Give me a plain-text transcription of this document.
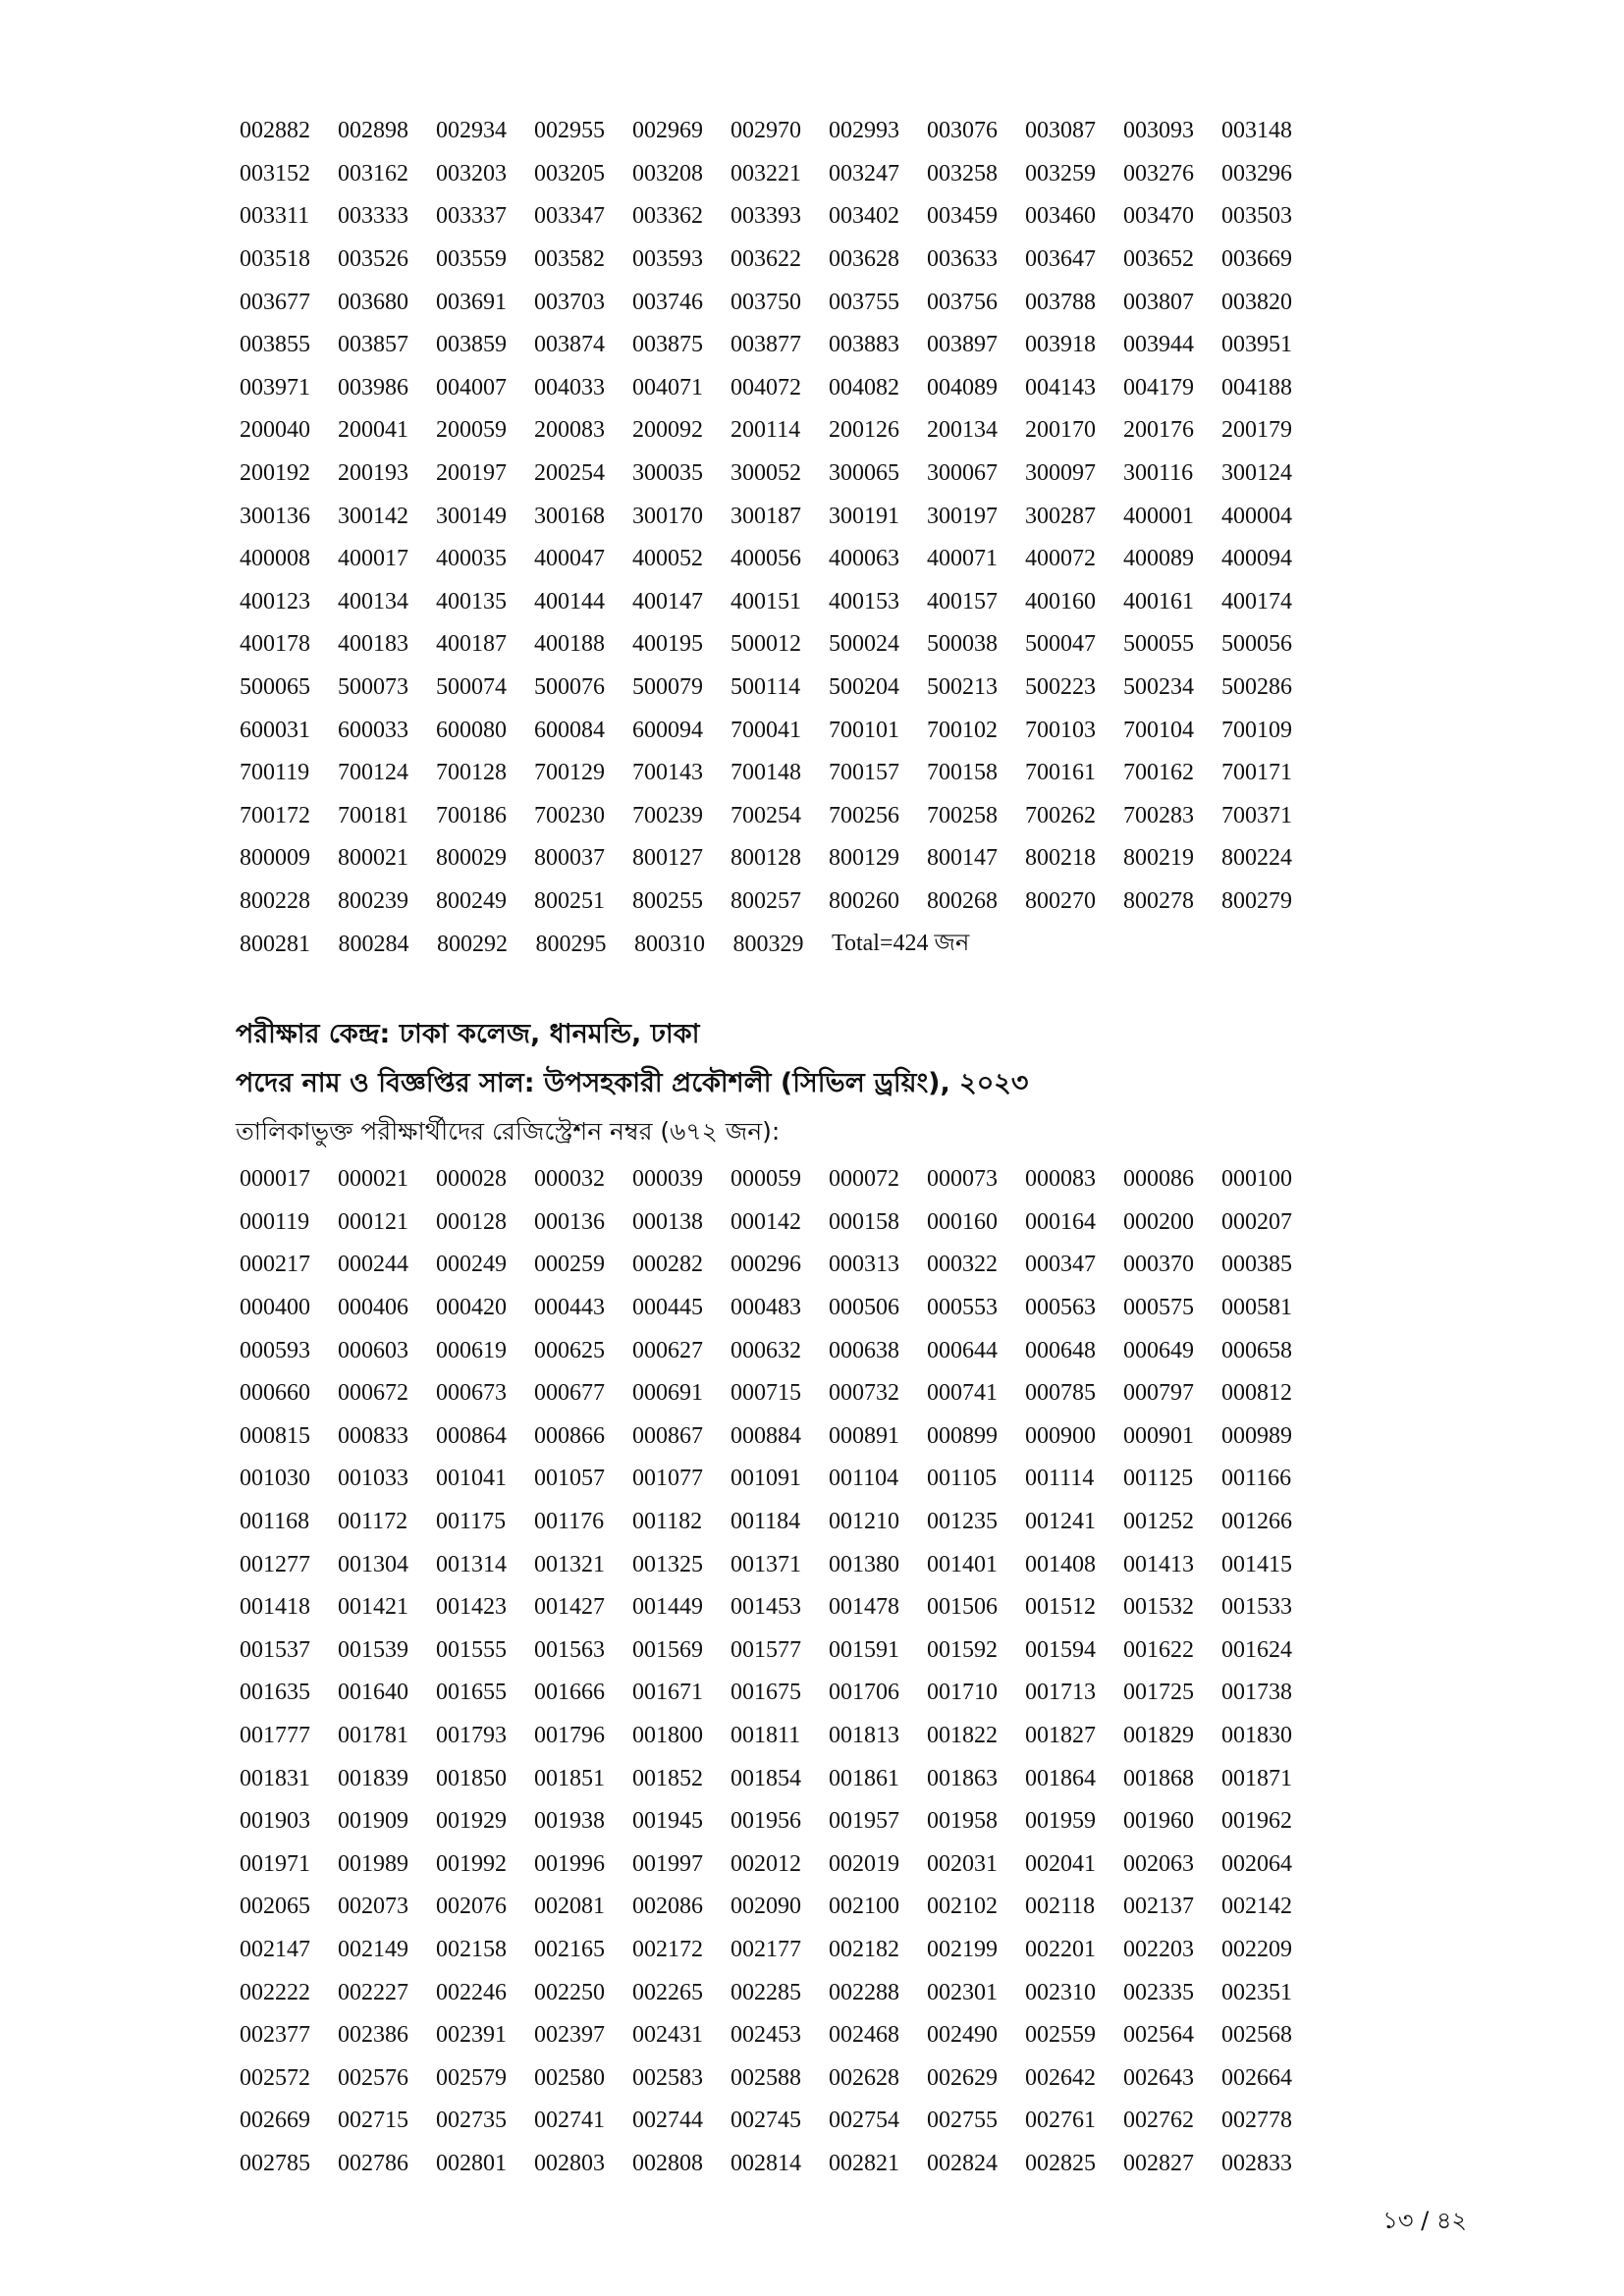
002882	002898	002934	002955	002969	002970	002993	003076	003087	003093	003148
003152	003162	003203	003205	003208	003221	003247	003258	003259	003276	003296
003311	003333	003337	003347	003362	003393	003402	003459	003460	003470	003503
003518	003526	003559	003582	003593	003622	003628	003633	003647	003652	003669
003677	003680	003691	003703	003746	003750	003755	003756	003788	003807	003820
003855	003857	003859	003874	003875	003877	003883	003897	003918	003944	003951
003971	003986	004007	004033	004071	004072	004082	004089	004143	004179	004188
200040	200041	200059	200083	200092	200114	200126	200134	200170	200176	200179
200192	200193	200197	200254	300035	300052	300065	300067	300097	300116	300124
300136	300142	300149	300168	300170	300187	300191	300197	300287	400001	400004
400008	400017	400035	400047	400052	400056	400063	400071	400072	400089	400094
400123	400134	400135	400144	400147	400151	400153	400157	400160	400161	400174
400178	400183	400187	400188	400195	500012	500024	500038	500047	500055	500056
500065	500073	500074	500076	500079	500114	500204	500213	500223	500234	500286
600031	600033	600080	600084	600094	700041	700101	700102	700103	700104	700109
700119	700124	700128	700129	700143	700148	700157	700158	700161	700162	700171
700172	700181	700186	700230	700239	700254	700256	700258	700262	700283	700371
800009	800021	800029	800037	800127	800128	800129	800147	800218	800219	800224
800228	800239	800249	800251	800255	800257	800260	800268	800270	800278	800279
800281	800284	800292	800295	800310	800329	Total=424 জন
পরীক্ষার কেন্দ্র: ঢাকা কলেজ, ধানমন্ডি, ঢাকা
পদের নাম ও বিজ্ঞপ্তির সাল: উপসহকারী প্রকৌশলী (সিভিল ড্রয়িং), ২০২৩
তালিকাভুক্ত পরীক্ষার্থীদের রেজিস্ট্রেশন নম্বর (৬৭২ জন):
000017	000021	000028	000032	000039	000059	000072	000073	000083	000086	000100
000119	000121	000128	000136	000138	000142	000158	000160	000164	000200	000207
000217	000244	000249	000259	000282	000296	000313	000322	000347	000370	000385
000400	000406	000420	000443	000445	000483	000506	000553	000563	000575	000581
000593	000603	000619	000625	000627	000632	000638	000644	000648	000649	000658
000660	000672	000673	000677	000691	000715	000732	000741	000785	000797	000812
000815	000833	000864	000866	000867	000884	000891	000899	000900	000901	000989
001030	001033	001041	001057	001077	001091	001104	001105	001114	001125	001166
001168	001172	001175	001176	001182	001184	001210	001235	001241	001252	001266
001277	001304	001314	001321	001325	001371	001380	001401	001408	001413	001415
001418	001421	001423	001427	001449	001453	001478	001506	001512	001532	001533
001537	001539	001555	001563	001569	001577	001591	001592	001594	001622	001624
001635	001640	001655	001666	001671	001675	001706	001710	001713	001725	001738
001777	001781	001793	001796	001800	001811	001813	001822	001827	001829	001830
001831	001839	001850	001851	001852	001854	001861	001863	001864	001868	001871
001903	001909	001929	001938	001945	001956	001957	001958	001959	001960	001962
001971	001989	001992	001996	001997	002012	002019	002031	002041	002063	002064
002065	002073	002076	002081	002086	002090	002100	002102	002118	002137	002142
002147	002149	002158	002165	002172	002177	002182	002199	002201	002203	002209
002222	002227	002246	002250	002265	002285	002288	002301	002310	002335	002351
002377	002386	002391	002397	002431	002453	002468	002490	002559	002564	002568
002572	002576	002579	002580	002583	002588	002628	002629	002642	002643	002664
002669	002715	002735	002741	002744	002745	002754	002755	002761	002762	002778
002785	002786	002801	002803	002808	002814	002821	002824	002825	002827	002833
১৩ / ৪২
